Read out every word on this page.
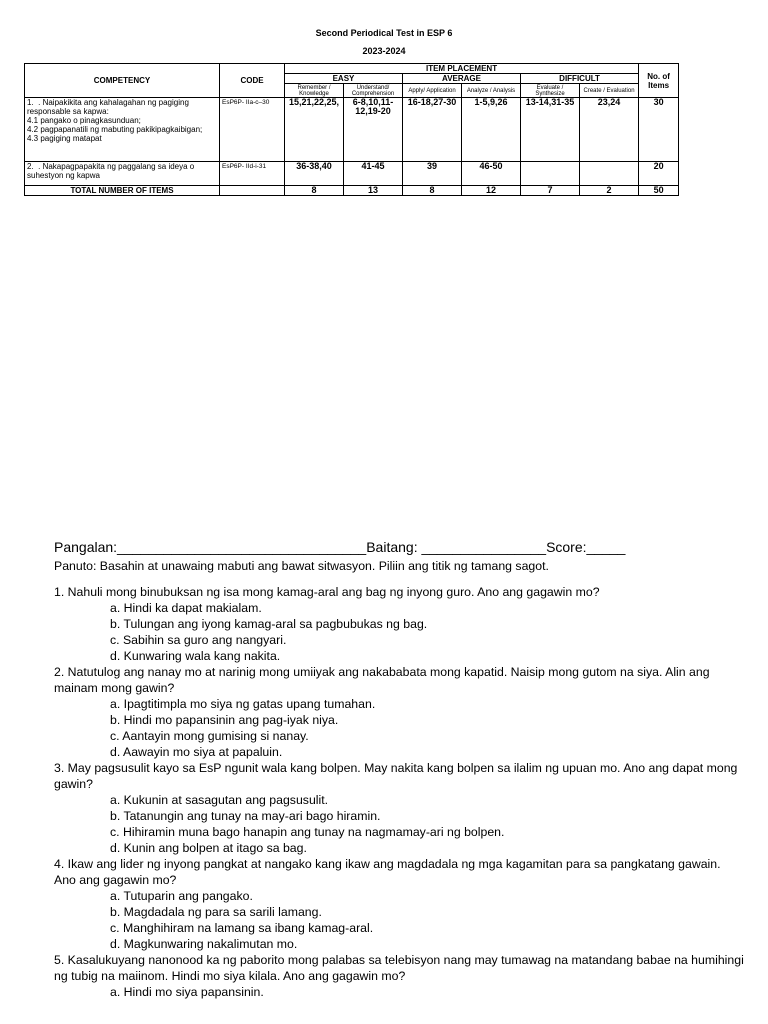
Second Periodical Test in ESP 6
2023-2024
COMPETENCY	CODE	ITEM PLACEMENT						No. of Items
		EASY		AVERAGE		DIFFICULT		
		Remember / Knowledge	Understand/ Comprehension	Apply/ Application	Analyze / Analysis	Evaluate / Synthesize	Create / Evaluation	

1. . Naipakikita ang kahalagahan ng pagiging responsable sa kapwa:
4.1 pangako o pinagkasunduan;
4.2 pagpapanatili ng mabuting pakikipagkaibigan;
4.3 pagiging matapat	EsP6P- IIa-c–30	15,21,22,25,	6-8,10,11-12,19-20	16-18,27-30	1-5,9,26	13-14,31-35	23,24	30

2. . Nakapagpapakita ng paggalang sa ideya o suhestyon ng kapwa	EsP6P- IId-i-31	36-38,40	41-45	39	46-50			20
TOTAL NUMBER OF ITEMS		8	13	8	12	7	2	50
Pangalan:________________________________Baitang: ________________Score:_____
Panuto: Basahin at unawaing mabuti ang bawat sitwasyon. Piliin ang titik ng tamang sagot.
1. Nahuli mong binubuksan ng isa mong kamag-aral ang bag ng inyong guro. Ano ang gagawin mo?
a. Hindi ka dapat makialam.
b. Tulungan ang iyong kamag-aral sa pagbubukas ng bag.
c. Sabihin sa guro ang nangyari.
d. Kunwaring wala kang nakita.
2. Natutulog ang nanay mo at narinig mong umiiyak ang nakababata mong kapatid. Naisip mong gutom na siya. Alin ang mainam mong gawin?
a. Ipagtitimpla mo siya ng gatas upang tumahan.
b. Hindi mo papansinin ang pag-iyak niya.
c. Aantayin mong gumising si nanay.
d. Aawayin mo siya at papaluin.
3. May pagsusulit kayo sa EsP ngunit wala kang bolpen. May nakita kang bolpen sa ilalim ng upuan mo. Ano ang dapat mong gawin?
a. Kukunin at sasagutan ang pagsusulit.
b. Tatanungin ang tunay na may-ari bago hiramin.
c. Hihiramin muna bago hanapin ang tunay na nagmamay-ari ng bolpen.
d. Kunin ang bolpen at itago sa bag.
4. Ikaw ang lider ng inyong pangkat at nangako kang ikaw ang magdadala ng mga kagamitan para sa pangkatang gawain. Ano ang gagawin mo?
a. Tutuparin ang pangako.
b. Magdadala ng para sa sarili lamang.
c. Manghihiram na lamang sa ibang kamag-aral.
d. Magkunwaring nakalimutan mo.
5. Kasalukuyang nanonood ka ng paborito mong palabas sa telebisyon nang may tumawag na matandang babae na humihingi ng tubig na maiinom. Hindi mo siya kilala. Ano ang gagawin mo?
a. Hindi mo siya papansinin.
